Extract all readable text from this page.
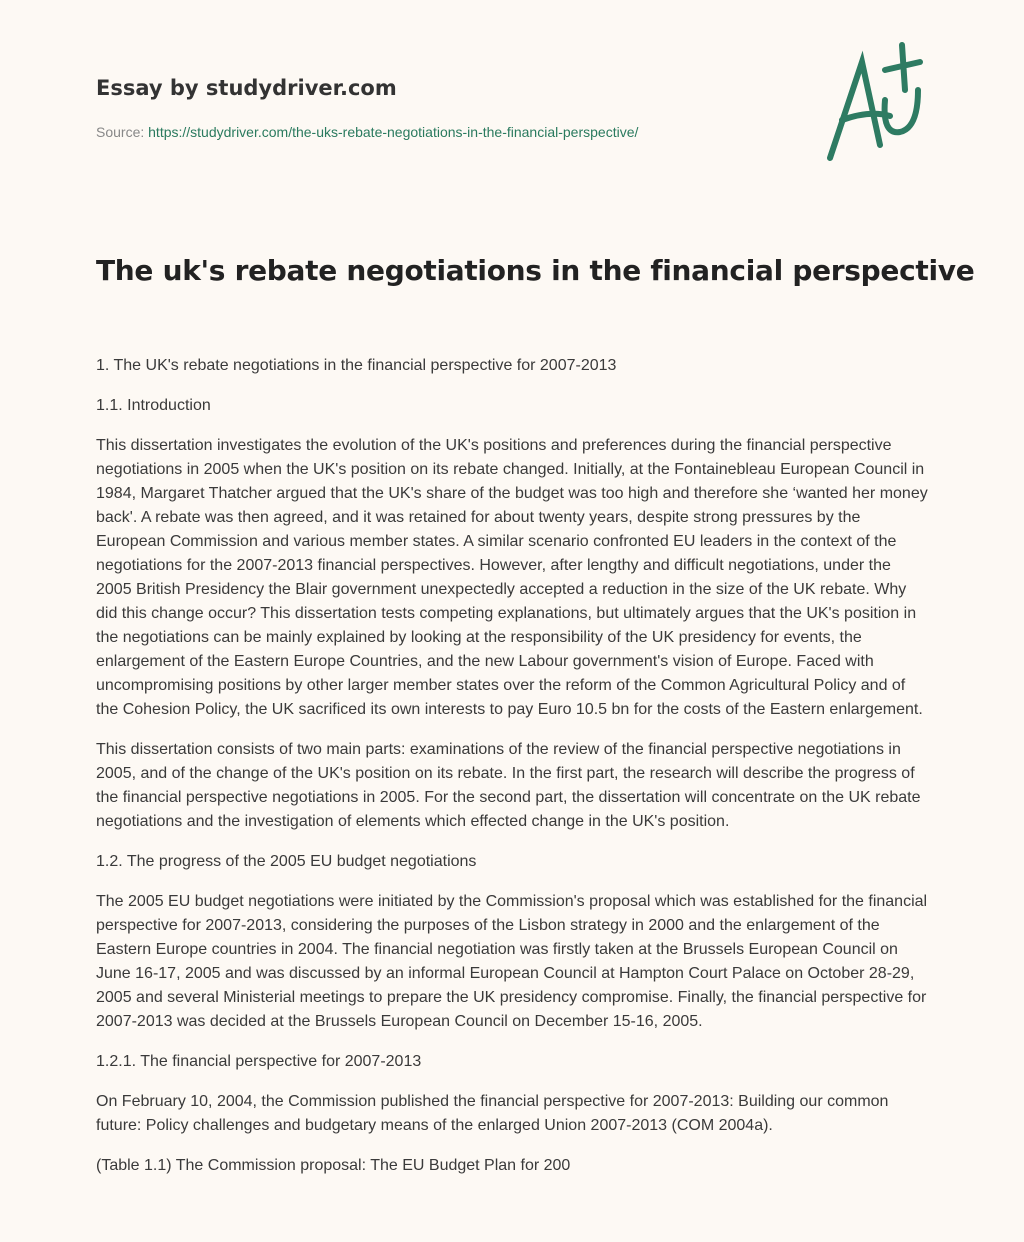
Essay by studydriver.com
Source: https://studydriver.com/the-uks-rebate-negotiations-in-the-financial-perspective/
The uk's rebate negotiations in the financial perspective

1. The UK's rebate negotiations in the financial perspective for 2007-2013

1.1. Introduction

This dissertation investigates the evolution of the UK's positions and preferences during the financial perspective negotiations in 2005 when the UK's position on its rebate changed. Initially, at the Fontainebleau European Council in 1984, Margaret Thatcher argued that the UK's share of the budget was too high and therefore she ‘wanted her money back'. A rebate was then agreed, and it was retained for about twenty years, despite strong pressures by the European Commission and various member states. A similar scenario confronted EU leaders in the context of the negotiations for the 2007-2013 financial perspectives. However, after lengthy and difficult negotiations, under the 2005 British Presidency the Blair government unexpectedly accepted a reduction in the size of the UK rebate. Why did this change occur? This dissertation tests competing explanations, but ultimately argues that the UK's position in the negotiations can be mainly explained by looking at the responsibility of the UK presidency for events, the enlargement of the Eastern Europe Countries, and the new Labour government's vision of Europe. Faced with uncompromising positions by other larger member states over the reform of the Common Agricultural Policy and of the Cohesion Policy, the UK sacrificed its own interests to pay Euro 10.5 bn for the costs of the Eastern enlargement.

This dissertation consists of two main parts: examinations of the review of the financial perspective negotiations in 2005, and of the change of the UK's position on its rebate. In the first part, the research will describe the progress of the financial perspective negotiations in 2005. For the second part, the dissertation will concentrate on the UK rebate negotiations and the investigation of elements which effected change in the UK's position.

1.2. The progress of the 2005 EU budget negotiations

The 2005 EU budget negotiations were initiated by the Commission's proposal which was established for the financial perspective for 2007-2013, considering the purposes of the Lisbon strategy in 2000 and the enlargement of the Eastern Europe countries in 2004. The financial negotiation was firstly taken at the Brussels European Council on June 16-17, 2005 and was discussed by an informal European Council at Hampton Court Palace on October 28-29, 2005 and several Ministerial meetings to prepare the UK presidency compromise. Finally, the financial perspective for 2007-2013 was decided at the Brussels European Council on December 15-16, 2005.

1.2.1. The financial perspective for 2007-2013

On February 10, 2004, the Commission published the financial perspective for 2007-2013: Building our common future: Policy challenges and budgetary means of the enlarged Union 2007-2013 (COM 2004a).

(Table 1.1) The Commission proposal: The EU Budget Plan for 200
